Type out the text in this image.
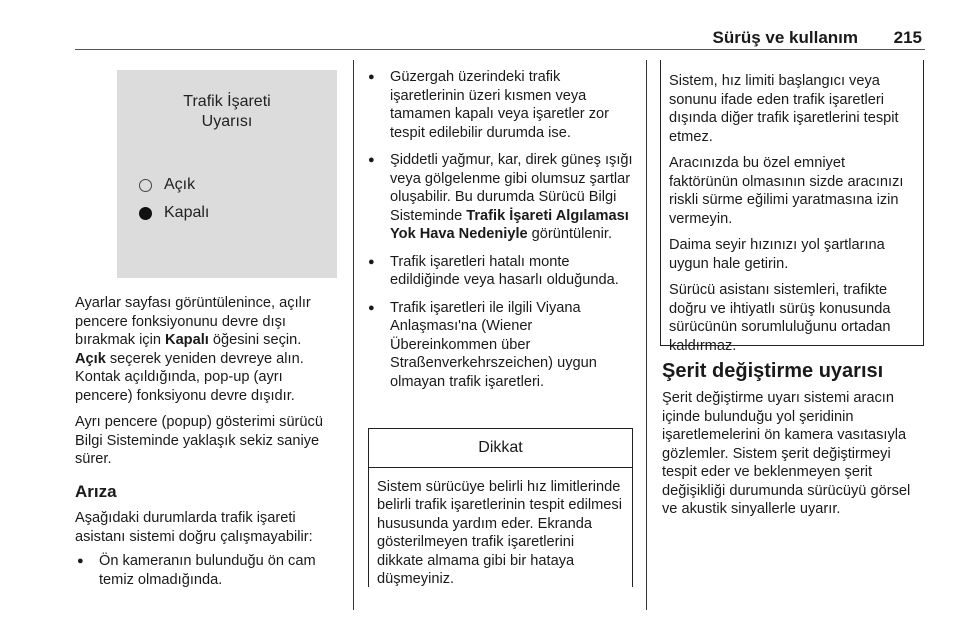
Sürüş ve kullanım 215
Trafik İşareti
Uyarısı
Açık
Kapalı

Ayarlar sayfası görüntülenince, açılır pencere fonksiyonunu devre dışı bırakmak için Kapalı öğesini seçin.
Açık seçerek yeniden devreye alın. Kontak açıldığında, pop-up (ayrı pencere) fonksiyonu devre dışıdır.

Ayrı pencere (popup) gösterimi sürücü Bilgi Sisteminde yaklaşık sekiz saniye sürer.

Arıza

Aşağıdaki durumlarda trafik işareti asistanı sistemi doğru çalışmayabilir:

● Ön kameranın bulunduğu ön cam temiz olmadığında.
● Güzergah üzerindeki trafik işaretlerinin üzeri kısmen veya tamamen kapalı veya işaretler zor tespit edilebilir durumda ise.
● Şiddetli yağmur, kar, direk güneş ışığı veya gölgelenme gibi olumsuz şartlar oluşabilir. Bu durumda Sürücü Bilgi Sisteminde Trafik İşareti Algılaması Yok Hava Nedeniyle görüntülenir.
● Trafik işaretleri hatalı monte edildiğinde veya hasarlı olduğunda.
● Trafik işaretleri ile ilgili Viyana Anlaşması'na (Wiener Übereinkommen über Straßenverkehrszeichen) uygun olmayan trafik işaretleri.
Dikkat
Sistem sürücüye belirli hız limitlerinde belirli trafik işaretlerinin tespit edilmesi hususunda yardım eder. Ekranda gösterilmeyen trafik işaretlerini dikkate almama gibi bir hataya düşmeyiniz.

Sistem, hız limiti başlangıcı veya sonunu ifade eden trafik işaretleri dışında diğer trafik işaretlerini tespit etmez.

Aracınızda bu özel emniyet faktörünün olmasının sizde aracınızı riskli sürme eğilimi yaratmasına izin vermeyin.

Daima seyir hızınızı yol şartlarına uygun hale getirin.

Sürücü asistanı sistemleri, trafikte doğru ve ihtiyatlı sürüş konusunda sürücünün sorumluluğunu ortadan kaldırmaz.

Şerit değiştirme uyarısı
Şerit değiştirme uyarı sistemi aracın içinde bulunduğu yol şeridinin işaretlemelerini ön kamera vasıtasıyla gözlemler. Sistem şerit değiştirmeyi tespit eder ve beklenmeyen şerit değişikliği durumunda sürücüyü görsel ve akustik sinyallerle uyarır.
